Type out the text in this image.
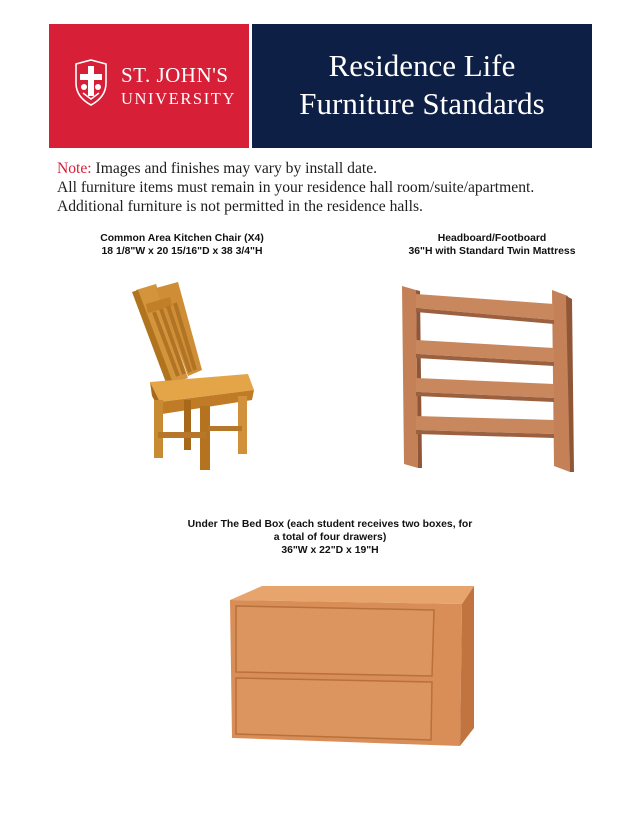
ST. JOHN'S
UNIVERSITY
Residence Life
Furniture Standards
Note: Images and finishes may vary by install date.
All furniture items must remain in your residence hall room/suite/apartment.
Additional furniture is not permitted in the residence halls.
Common Area Kitchen Chair (X4)
18 1/8"W x 20 15/16"D x 38 3/4"H
Headboard/Footboard
36"H with Standard Twin Mattress
Under The Bed Box (each student receives two boxes, for
a total of four drawers)
36"W x 22"D x 19"H
